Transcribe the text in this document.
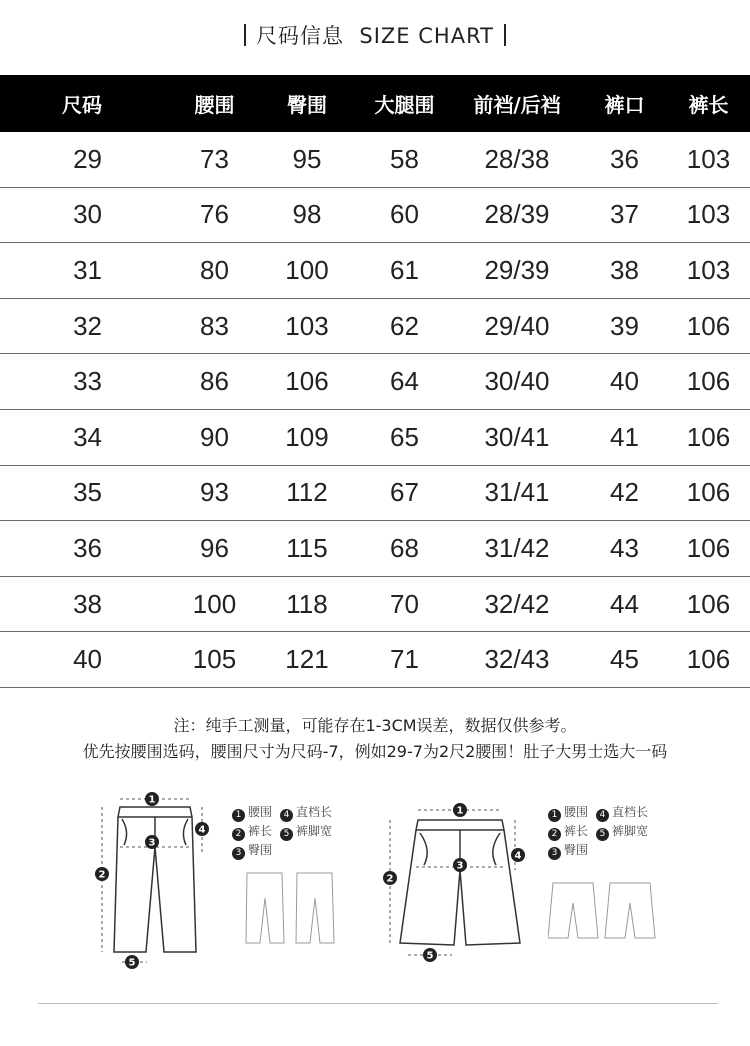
尺码信息 SIZE CHART
尺码	腰围	臀围	大腿围	前裆/后裆	裤口	裤长
29	73	95	58	28/38	36	103
30	76	98	60	28/39	37	103
31	80	100	61	29/39	38	103
32	83	103	62	29/40	39	106
33	86	106	64	30/40	40	106
34	90	109	65	30/41	41	106
35	93	112	67	31/41	42	106
36	96	115	68	31/42	43	106
38	100	118	70	32/42	44	106
40	105	121	71	32/43	45	106
注：纯手工测量，可能存在1-3CM误差，数据仅供参考。
优先按腰围选码，腰围尺寸为尺码-7，例如29-7为2尺2腰围！肚子大男士选大一码
1
3
2
4
5
1 腰围 4 直档长
2 裤长 5 裤脚宽
3 臀围
1
3
2
4
5
1 腰围 4 直档长
2 裤长 5 裤脚宽
3 臀围
